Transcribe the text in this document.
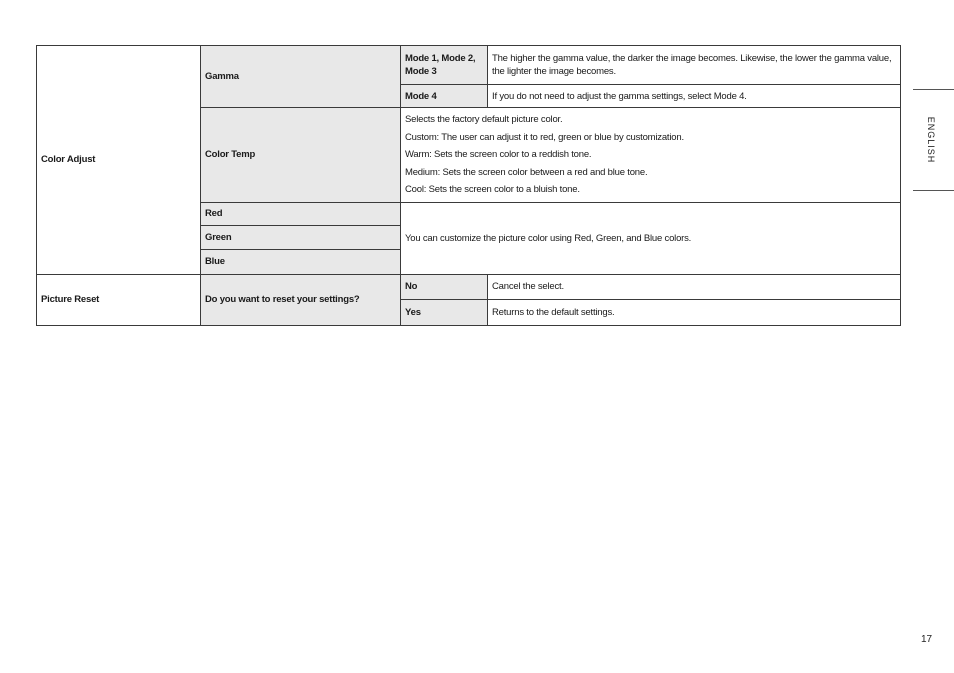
Color Adjust	Gamma	Mode 1, Mode 2, Mode 3	The higher the gamma value, the darker the image becomes. Likewise, the lower the gamma value, the lighter the image becomes.
		Mode 4	If you do not need to adjust the gamma settings, select Mode 4.
	Color Temp	Selects the factory default picture color.
Custom: The user can adjust it to red, green or blue by customization.
Warm: Sets the screen color to a reddish tone.
Medium: Sets the screen color between a red and blue tone.
Cool: Sets the screen color to a bluish tone.	

	Red	You can customize the picture color using Red, Green, and Blue colors.	
	Green		
	Blue		
Picture Reset	Do you want to reset your settings?	No	Cancel the select.
		Yes	Returns to the default settings.
ENGLISH
17
